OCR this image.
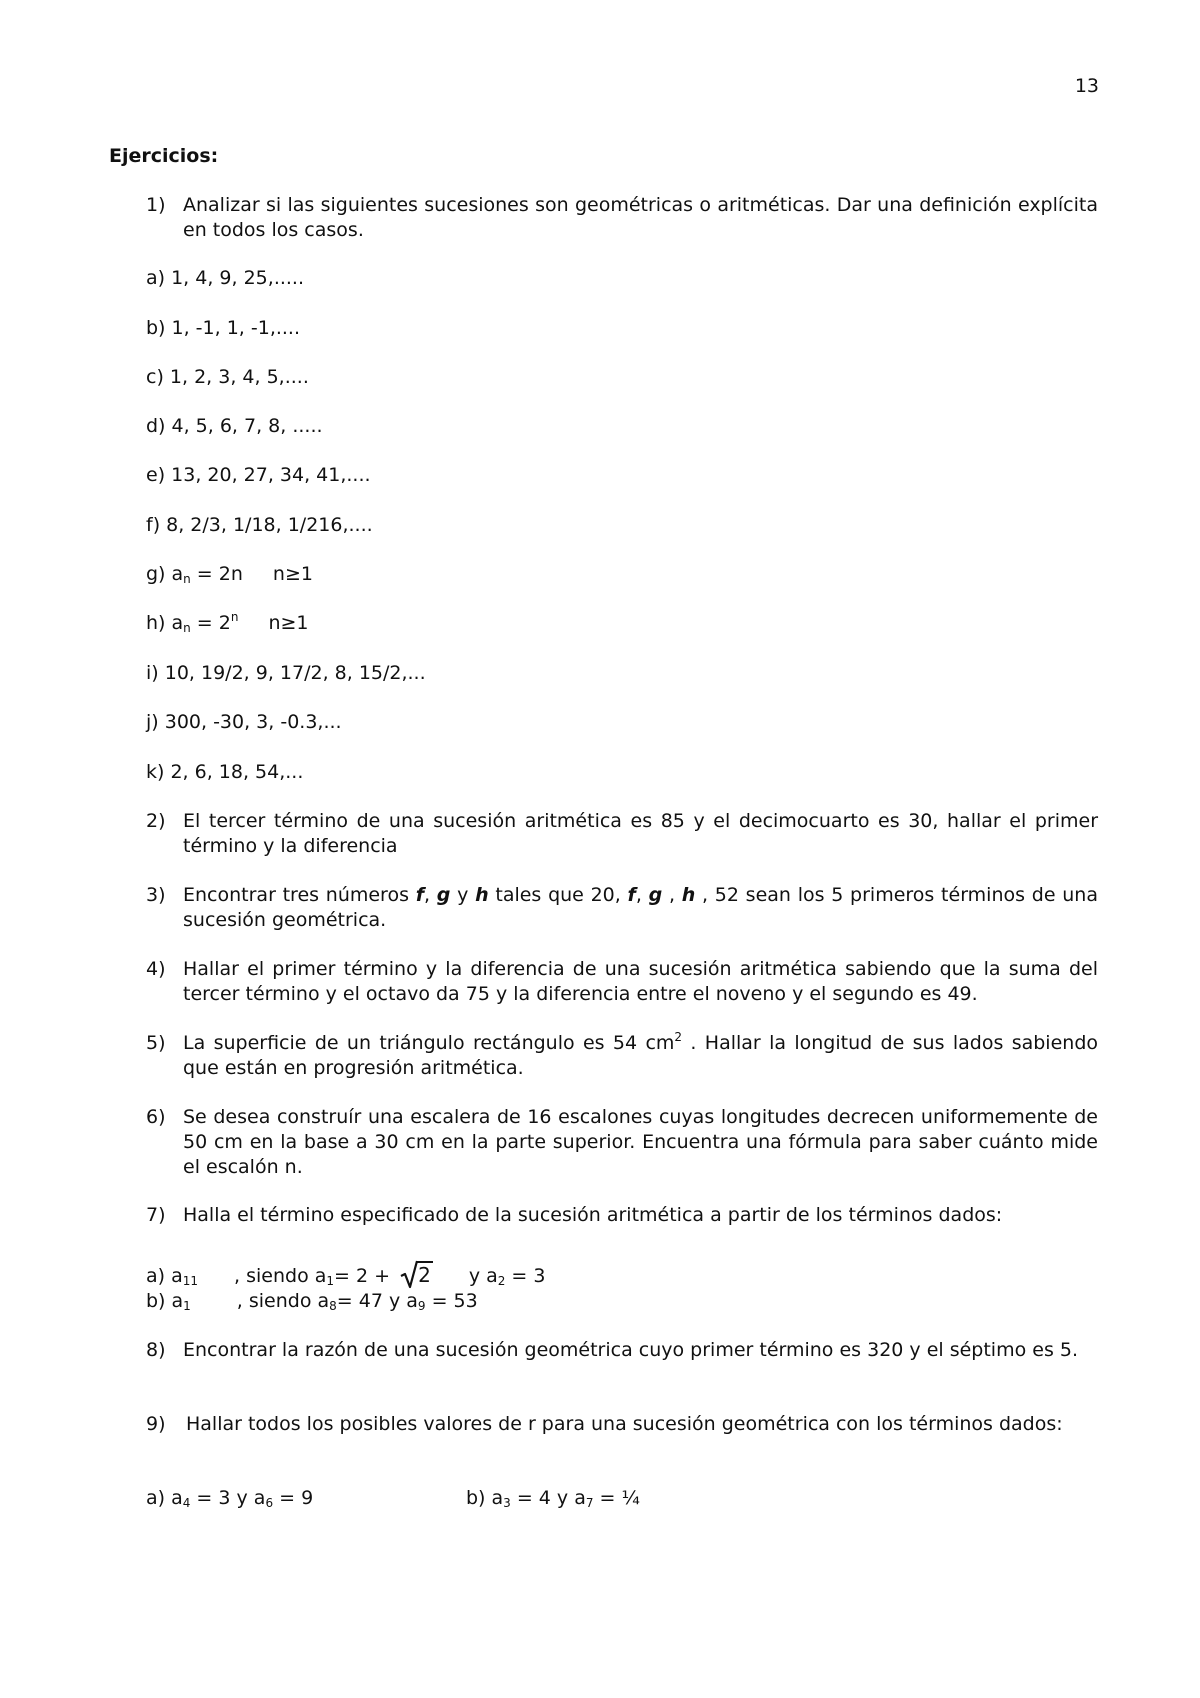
13
Ejercicios:
1) Analizar si las siguientes sucesiones son geométricas o aritméticas. Dar una definición explícita en todos los casos.
a) 1, 4, 9, 25,.....
b) 1, -1, 1, -1,....
c) 1, 2, 3, 4, 5,....
d) 4, 5, 6, 7, 8, .....
e) 13, 20, 27, 34, 41,....
f) 8, 2/3, 1/18, 1/216,....
g) $a_n = 2n$ n≥1
h) $a_n = 2^n$ n≥1
i) 10, 19/2, 9, 17/2, 8, 15/2,...
j) 300, -30, 3, -0.3,...
k) 2, 6, 18, 54,...
2) El tercer término de una sucesión aritmética es 85 y el decimocuarto es 30, hallar el primer término y la diferencia
3) Encontrar tres números f, g y h tales que 20, f, g , h , 52 sean los 5 primeros términos de una sucesión geométrica.
4) Hallar el primer término y la diferencia de una sucesión aritmética sabiendo que la suma del tercer término y el octavo da 75 y la diferencia entre el noveno y el segundo es 49.
5) La superficie de un triángulo rectángulo es 54 $cm^2$ . Hallar la longitud de sus lados sabiendo que están en progresión aritmética.
6) Se desea construír una escalera de 16 escalones cuyas longitudes decrecen uniformemente de 50 cm en la base a 30 cm en la parte superior. Encuentra una fórmula para saber cuánto mide el escalón n.
7) Halla el término especificado de la sucesión aritmética a partir de los términos dados:
a) $a_{11}$ , siendo $a_1= 2$ +
2 y $a_2 = 3$
b) $a_1$ , siendo $a_8= 47$ y $a_9 = 53$
8) Encontrar la razón de una sucesión geométrica cuyo primer término es 320 y el séptimo es 5.
9) Hallar todos los posibles valores de r para una sucesión geométrica con los términos dados:
a) $a_4 = 3$ y $a_6 = 9$	b) $a_3 = 4$ y $a_7$ = ¼
